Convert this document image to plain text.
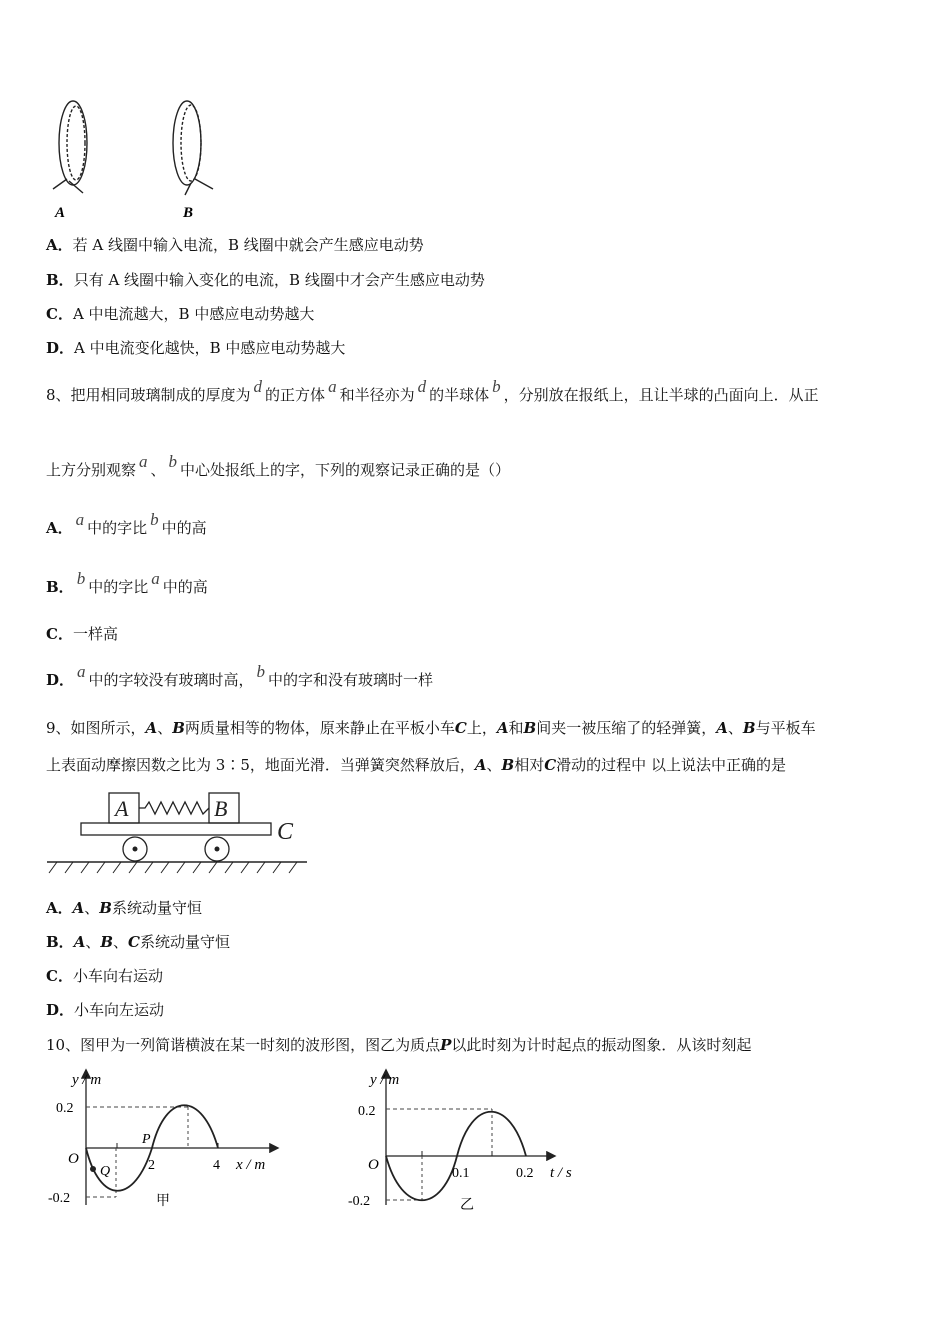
A	B
A．若 A 线圈中输入电流，B 线圈中就会产生感应电动势
B．只有 A 线圈中输入变化的电流，B 线圈中才会产生感应电动势
C．A 中电流越大，B 中感应电动势越大
D．A 中电流变化越快，B 中感应电动势越大
8、把用相同玻璃制成的厚度为 d 的正方体 a 和半径亦为 d 的半球体 b ，分别放在报纸上，且让半球的凸面向上．从正
上方分别观察 a 、 b 中心处报纸上的字，下列的观察记录正确的是（）
A． a 中的字比 b 中的高
B． b 中的字比 a 中的高
C．一样高
D． a 中的字较没有玻璃时高， b 中的字和没有玻璃时一样
9、如图所示，A、B两质量相等的物体，原来静止在平板小车C上，A和B间夹一被压缩了的轻弹簧，A、B与平板车
上表面动摩擦因数之比为 3∶5，地面光滑．当弹簧突然释放后，A、B相对C滑动的过程中 以上说法中正确的是
A	B
C
A．A、B系统动量守恒
B．A、B、C系统动量守恒
C．小车向右运动
D．小车向左运动
10、图甲为一列简谐横波在某一时刻的波形图，图乙为质点P以此时刻为计时起点的振动图象．从该时刻起
y / m
x / m
0.2
-0.2
O	2	4
P
Q
甲
y / m
t / s
0.2
-0.2
O
0.1	0.2
乙
